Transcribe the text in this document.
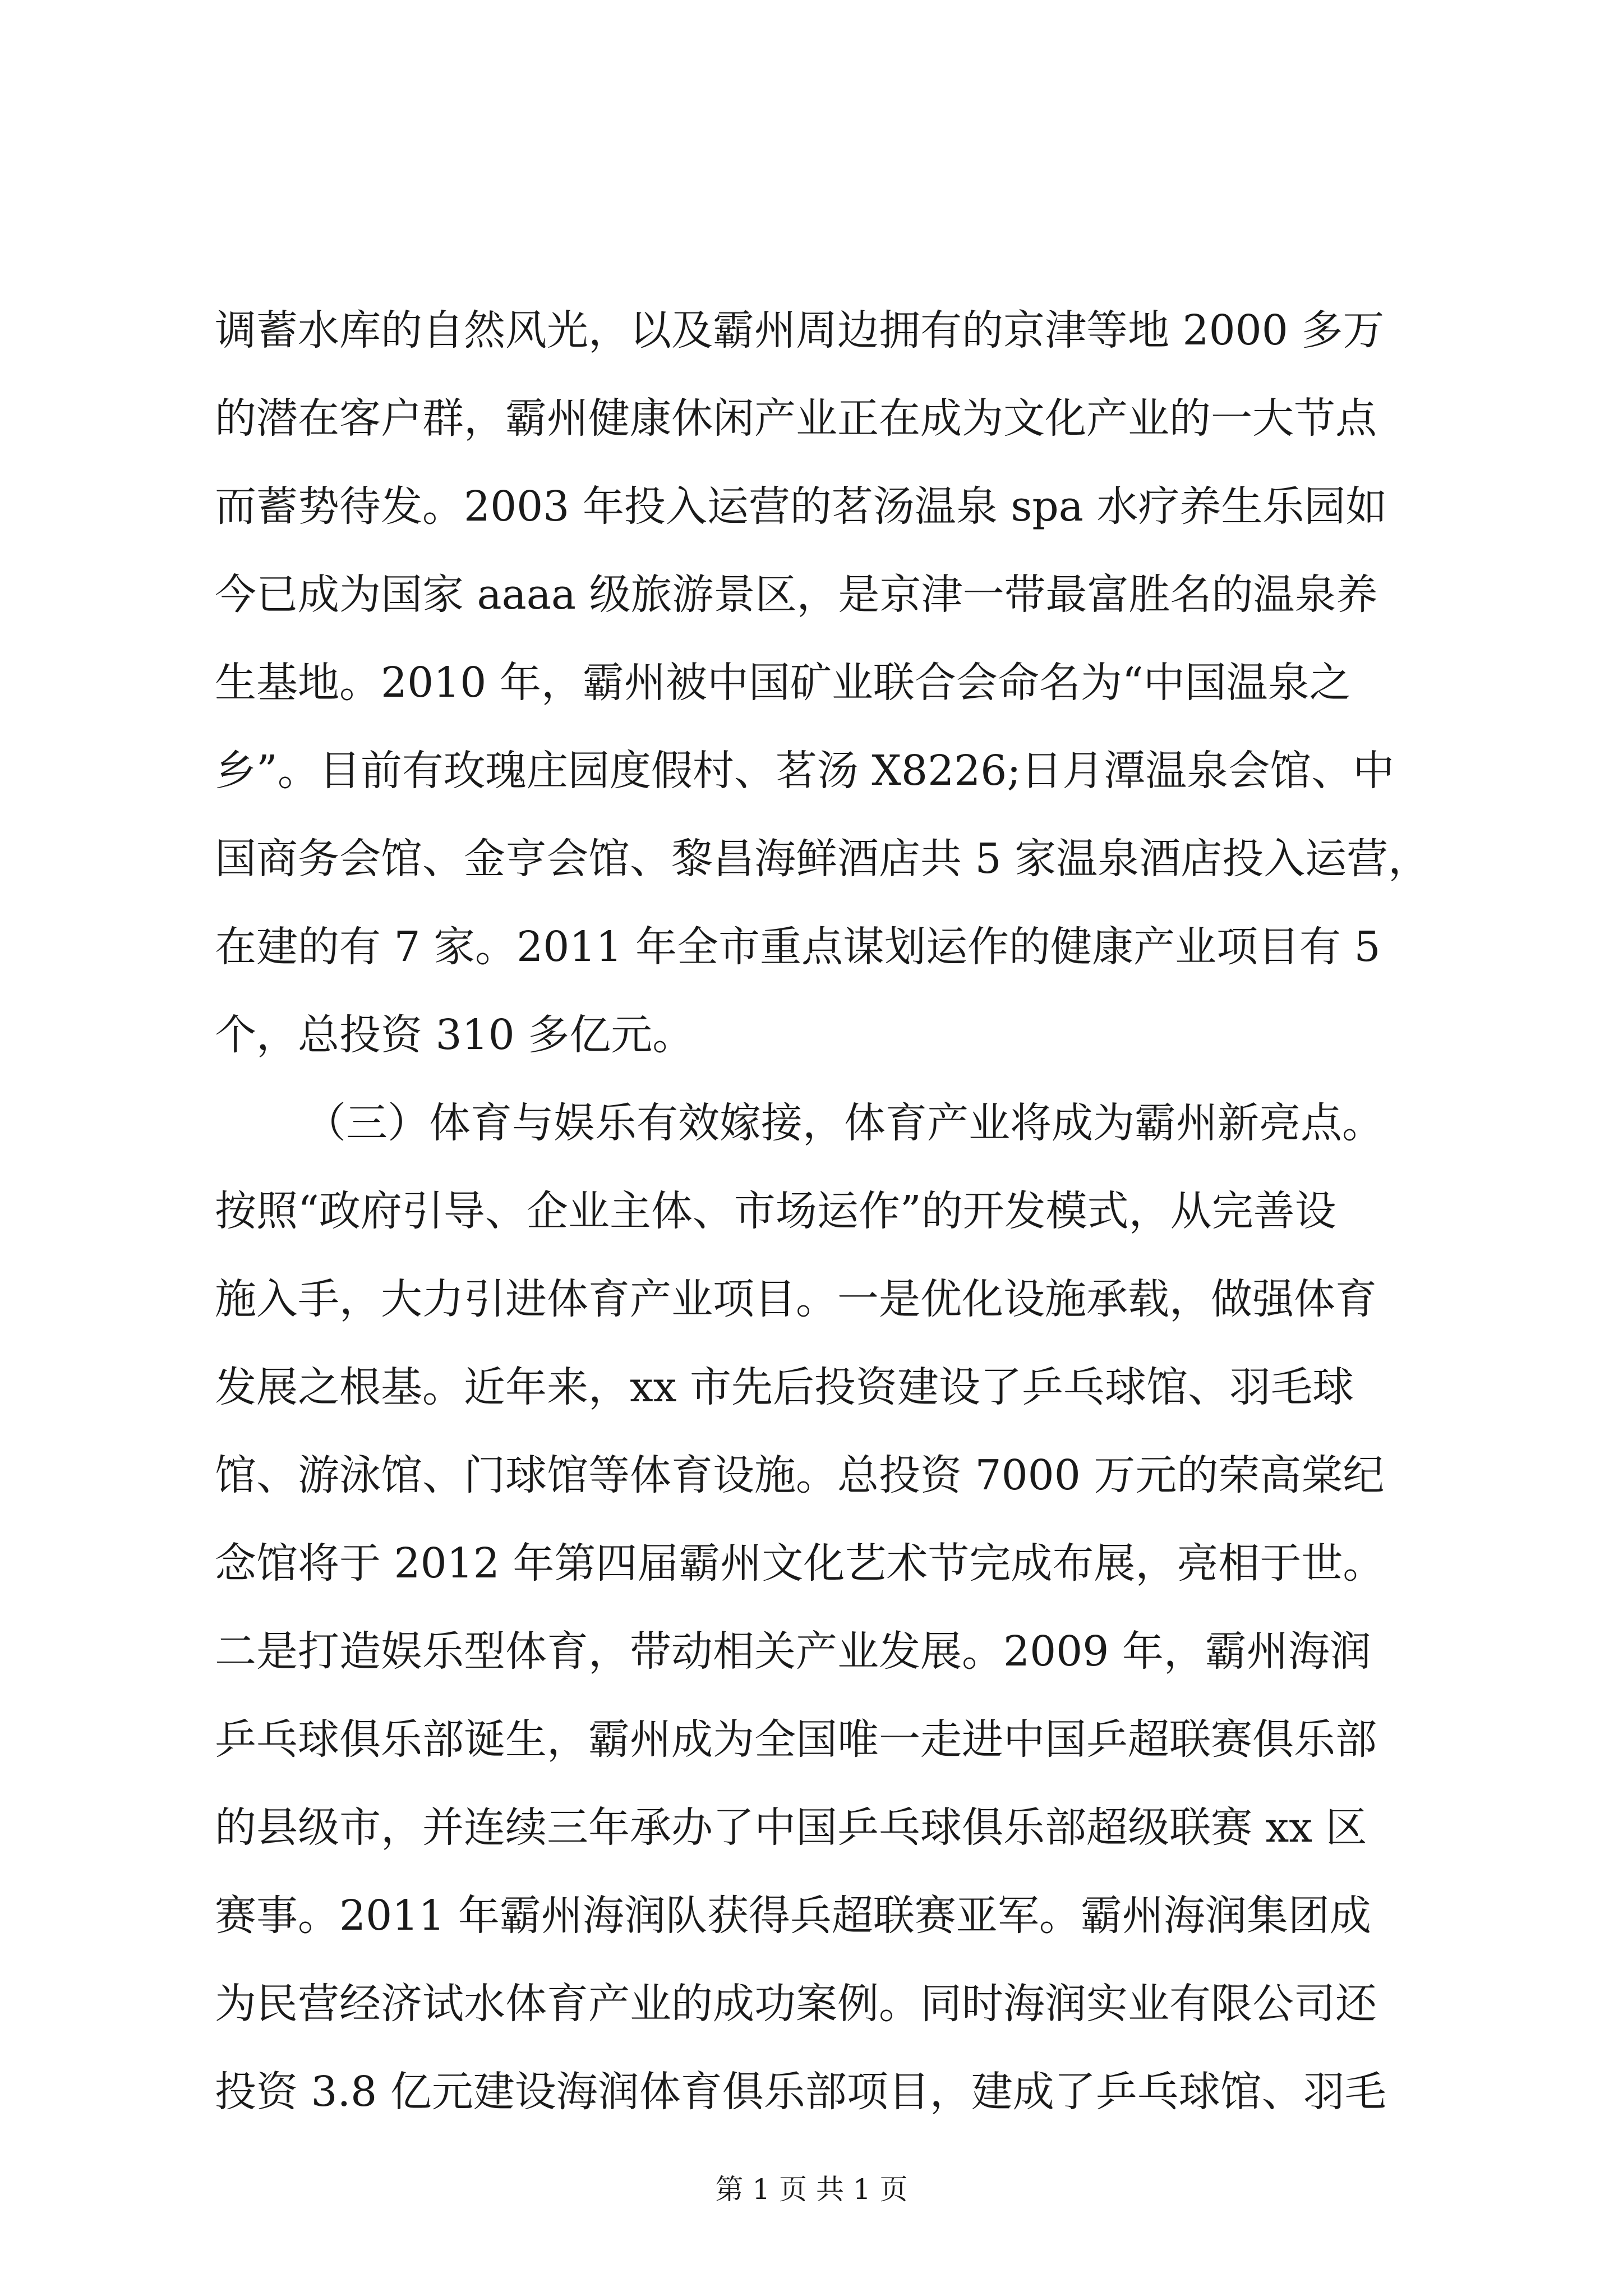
调蓄水库的自然风光，以及霸州周边拥有的京津等地 2000 多万
的潜在客户群，霸州健康休闲产业正在成为文化产业的一大节点
而蓄势待发。2003 年投入运营的茗汤温泉 spa 水疗养生乐园如
今已成为国家 aaaa 级旅游景区，是京津一带最富胜名的温泉养
生基地。2010 年，霸州被中国矿业联合会命名为“中国温泉之
乡”。目前有玫瑰庄园度假村、茗汤 X8226;日月潭温泉会馆、中
国商务会馆、金亨会馆、黎昌海鲜酒店共 5 家温泉酒店投入运营，
在建的有 7 家。2011 年全市重点谋划运作的健康产业项目有 5
个，总投资 310 多亿元。
（三）体育与娱乐有效嫁接，体育产业将成为霸州新亮点。
按照“政府引导、企业主体、市场运作”的开发模式，从完善设
施入手，大力引进体育产业项目。一是优化设施承载，做强体育
发展之根基。近年来，xx 市先后投资建设了乒乓球馆、羽毛球
馆、游泳馆、门球馆等体育设施。总投资 7000 万元的荣高棠纪
念馆将于 2012 年第四届霸州文化艺术节完成布展，亮相于世。
二是打造娱乐型体育，带动相关产业发展。2009 年，霸州海润
乒乓球俱乐部诞生，霸州成为全国唯一走进中国乒超联赛俱乐部
的县级市，并连续三年承办了中国乒乓球俱乐部超级联赛 xx 区
赛事。2011 年霸州海润队获得兵超联赛亚军。霸州海润集团成
为民营经济试水体育产业的成功案例。同时海润实业有限公司还
投资 3.8 亿元建设海润体育俱乐部项目，建成了乒乓球馆、羽毛
第 1 页 共 1 页
